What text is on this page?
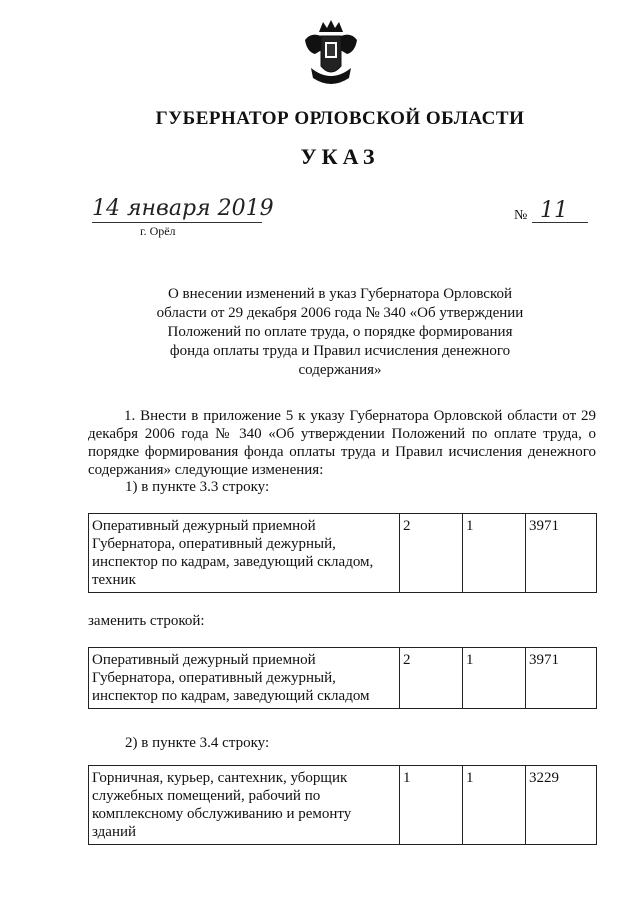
ГУБЕРНАТОР ОРЛОВСКОЙ ОБЛАСТИ
УКАЗ
14 января 2019
г. Орёл
№ 11
О внесении изменений в указ Губернатора Орловской области от 29 декабря 2006 года № 340 «Об утверждении Положений по оплате труда, о порядке формирования фонда оплаты труда и Правил исчисления денежного содержания»
1. Внести в приложение 5 к указу Губернатора Орловской области от 29 декабря 2006 года № 340 «Об утверждении Положений по оплате труда, о порядке формирования фонда оплаты труда и Правил исчисления денежного содержания» следующие изменения:
1) в пункте 3.3 строку:
Оперативный дежурный приемной Губернатора, оперативный дежурный, инспектор по кадрам, заведующий складом, техник	2	1	3971
заменить строкой:
Оперативный дежурный приемной Губернатора, оперативный дежурный, инспектор по кадрам, заведующий складом	2	1	3971
2) в пункте 3.4 строку:
Горничная, курьер, сантехник, уборщик служебных помещений, рабочий по комплексному обслуживанию и ремонту зданий	1	1	3229
